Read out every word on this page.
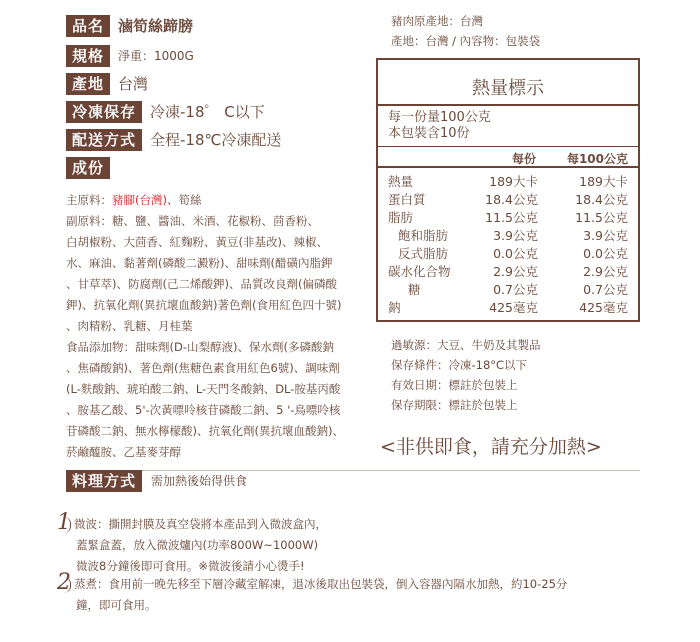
品名 滷筍絲蹄膀
規格	淨重：1000G
產地 台灣
冷凍保存 冷凍-18゜ C以下
配送方式 全程-18℃冷凍配送
成份
豬肉原產地：台灣
產地：台灣 / 內容物：包裝袋
主原料：豬腳(台灣)、筍絲
副原料：糖、鹽、醬油、米酒、花椒粉、茴香粉、
白胡椒粉、大茴香、紅麴粉、黃豆(非基改)、辣椒、
水、麻油、黏著劑(磷酸二澱粉)、甜味劑(醋磺內脂鉀
、甘草萃)、防腐劑(己二烯酸鉀)、品質改良劑(偏磷酸
鉀)、抗氧化劑(異抗壞血酸鈉)著色劑(食用紅色四十號)
、肉精粉、乳糖、月桂葉
食品添加物：甜味劑(D-山梨醇液)、保水劑(多磷酸鈉
、焦磷酸鈉)、著色劑(焦糖色素食用紅色6號)、調味劑
(L-麩酸鈉、琥珀酸二鈉、L-天門冬酸鈉、DL-胺基丙酸
、胺基乙酸、5'-次黃嘌呤核苷磷酸二鈉、5 '-鳥嘌呤核
苷磷酸二鈉、無水檸檬酸)、抗氧化劑(異抗壞血酸鈉)、
菸鹼醯胺、乙基麥芽醇
熱量標示
每一份量100公克
本包裝含10份
每份	每100公克
熱量	189大卡	189大卡
蛋白質	18.4公克	18.4公克
脂肪	11.5公克	11.5公克
飽和脂肪	3.9公克	3.9公克
反式脂肪	0.0公克	0.0公克
碳水化合物	2.9公克	2.9公克
糖	0.7公克	0.7公克
鈉	425毫克	425毫克
過敏源：大豆、牛奶及其製品
保存條件：冷凍-18°C以下
有效日期：標註於包裝上
保存期限：標註於包裝上
<非供即食，請充分加熱>
料理方式	需加熱後始得供食
1 微波：撕開封膜及真空袋將本產品到入微波盒內，
蓋緊盒蓋，放入微波爐內(功率800W~1000W)
微波8分鐘後即可食用。※微波後請小心燙手!
2 蒸煮：食用前一晚先移至下層冷藏室解凍，退冰後取出包裝袋，倒入容器內隔水加熱，約10-25分
鐘，即可食用。
